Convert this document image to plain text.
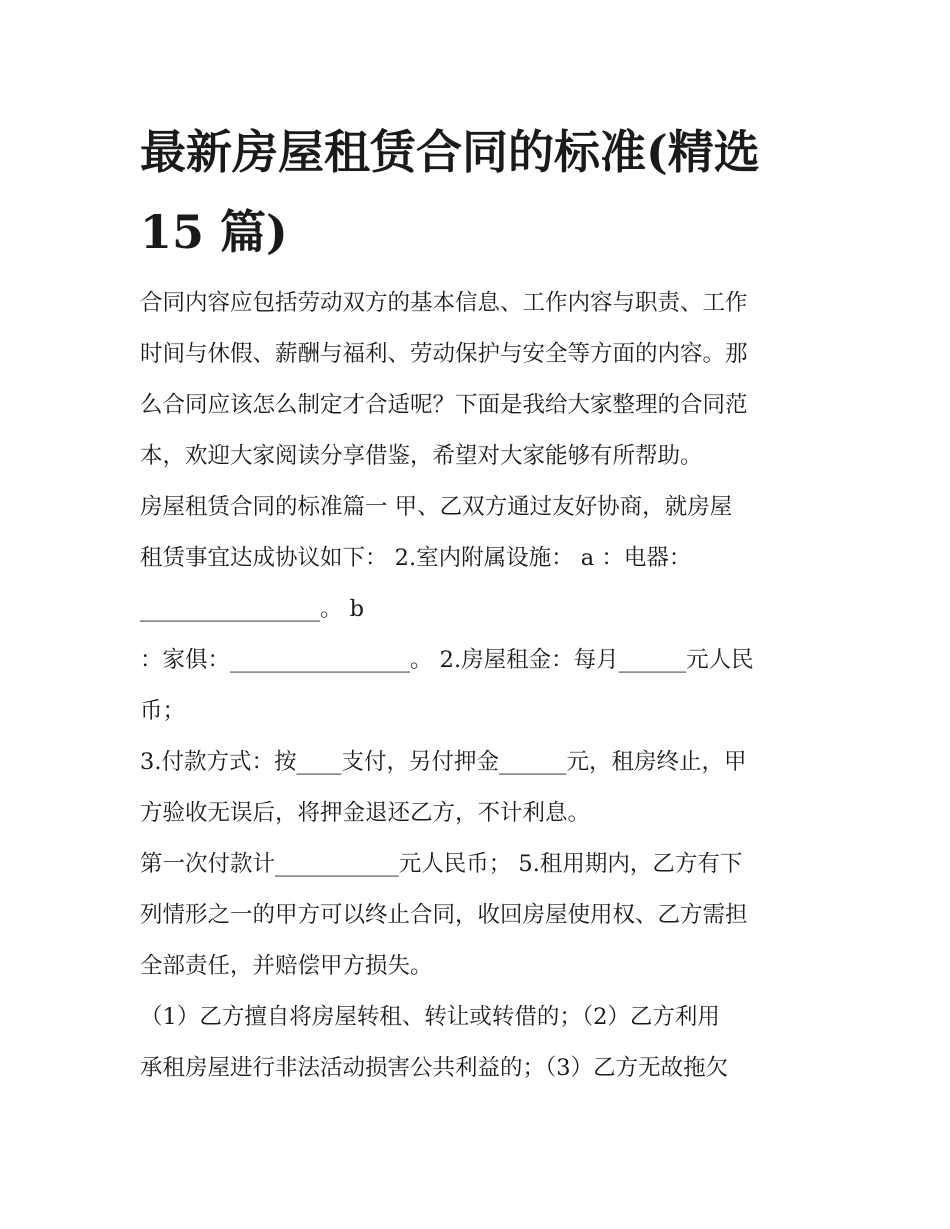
最新房屋租赁合同的标准(精选
15 篇)
合同内容应包括劳动双方的基本信息、工作内容与职责、工作
时间与休假、薪酬与福利、劳动保护与安全等方面的内容。那
么合同应该怎么制定才合适呢？下面是我给大家整理的合同范
本，欢迎大家阅读分享借鉴，希望对大家能够有所帮助。
房屋租赁合同的标准篇一 甲、乙双方通过友好协商，就房屋
租赁事宜达成协议如下： 2.室内附属设施： a ：电器：
________________。 b
：家俱：________________。 2.房屋租金：每月______元人民
币；
3.付款方式：按____支付，另付押金______元，租房终止，甲
方验收无误后，将押金退还乙方，不计利息。
第一次付款计___________元人民币； 5.租用期内，乙方有下
列情形之一的甲方可以终止合同，收回房屋使用权、乙方需担
全部责任，并赔偿甲方损失。
（1）乙方擅自将房屋转租、转让或转借的；（2）乙方利用
承租房屋进行非法活动损害公共利益的；（3）乙方无故拖欠
